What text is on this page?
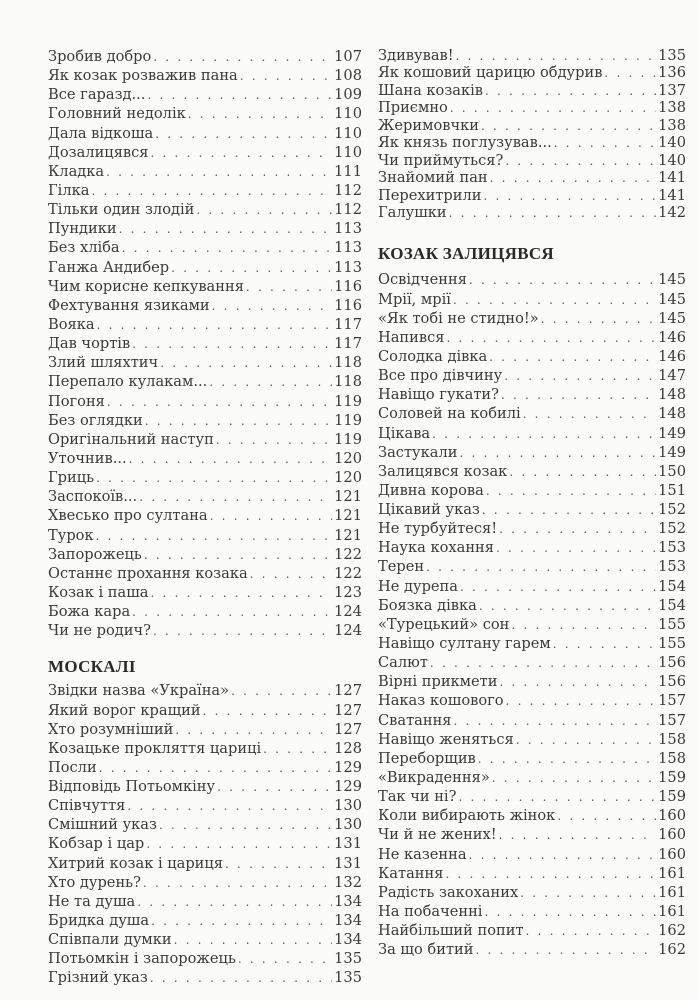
Зробив добро . . .	107
Як козак розважив пана . . .	108
Все гаразд... . . .	109
Головний недолік . . .	110
Дала відкоша . . .	110
Дозалицявся . . .	110
Кладка . . .	111
Гілка . . .	112
Тільки один злодій . . .	112
Пундики . . .	113
Без хліба . . .	113
Ганжа Андибер . . .	113
Чим корисне кепкування . . .	116
Фехтування язиками . . .	116
Вояка . . .	117
Дав чортів . . .	117
Злий шляхтич . . .	118
Перепало кулакам... . . .	118
Погоня . . .	119
Без оглядки . . .	119
Оригінальний наступ . . .	119
Уточнив... . . .	120
Гриць . . .	120
Заспокоїв... . . .	121
Хвесько про султана . . .	121
Турок . . .	121
Запорожець . . .	122
Останнє прохання козака . . .	122
Козак і паша . . .	123
Божа кара . . .	124
Чи не родич? . . .	124
МОСКАЛІ
Звідки назва «Україна» . . .	127
Який ворог кращий . . .	127
Хто розумніший . . .	127
Козацьке прокляття цариці . . .	128
Посли . . .	129
Відповідь Потьомкіну . . .	129
Співчуття . . .	130
Смішний указ . . .	130
Кобзар і цар . . .	131
Хитрий козак і цариця . . .	131
Хто дурень? . . .	132
Не та душа . . .	134
Бридка душа . . .	134
Співпали думки . . .	134
Потьомкін і запорожець . . .	135
Грізний указ . . .	135
Здивував! . . .	135
Як кошовий царицю обдурив . . .	136
Шана козаків . . .	137
Приємно . . .	138
Жеримовчки . . .	138
Як князь поглузував... . . .	140
Чи приймуться? . . .	140
Знайомий пан . . .	141
Перехитрили . . .	141
Галушки . . .	142
КОЗАК ЗАЛИЦЯВСЯ
Освідчення . . .	145
Мрії, мрії . . .	145
«Як тобі не стидно!» . . .	145
Напився . . .	146
Солодка дівка . . .	146
Все про дівчину . . .	147
Навіщо гукати? . . .	148
Соловей на кобилі . . .	148
Цікава . . .	149
Застукали . . .	149
Залицявся козак . . .	150
Дивна корова . . .	151
Цікавий указ . . .	152
Не турбуйтеся! . . .	152
Наука кохання . . .	153
Терен . . .	153
Не дурепа . . .	154
Боязка дівка . . .	154
«Турецький» сон . . .	155
Навіщо султану гарем . . .	155
Салют . . .	156
Вірні прикмети . . .	156
Наказ кошового . . .	157
Сватання . . .	157
Навіщо женяться . . .	158
Переборщив . . .	158
«Викрадення» . . .	159
Так чи ні? . . .	159
Коли вибирають жінок . . .	160
Чи й не жених! . . .	160
Не казенна . . .	160
Катання . . .	161
Радість закоханих . . .	161
На побаченні . . .	161
Найбільший попит . . .	162
За що битий . . .	162
